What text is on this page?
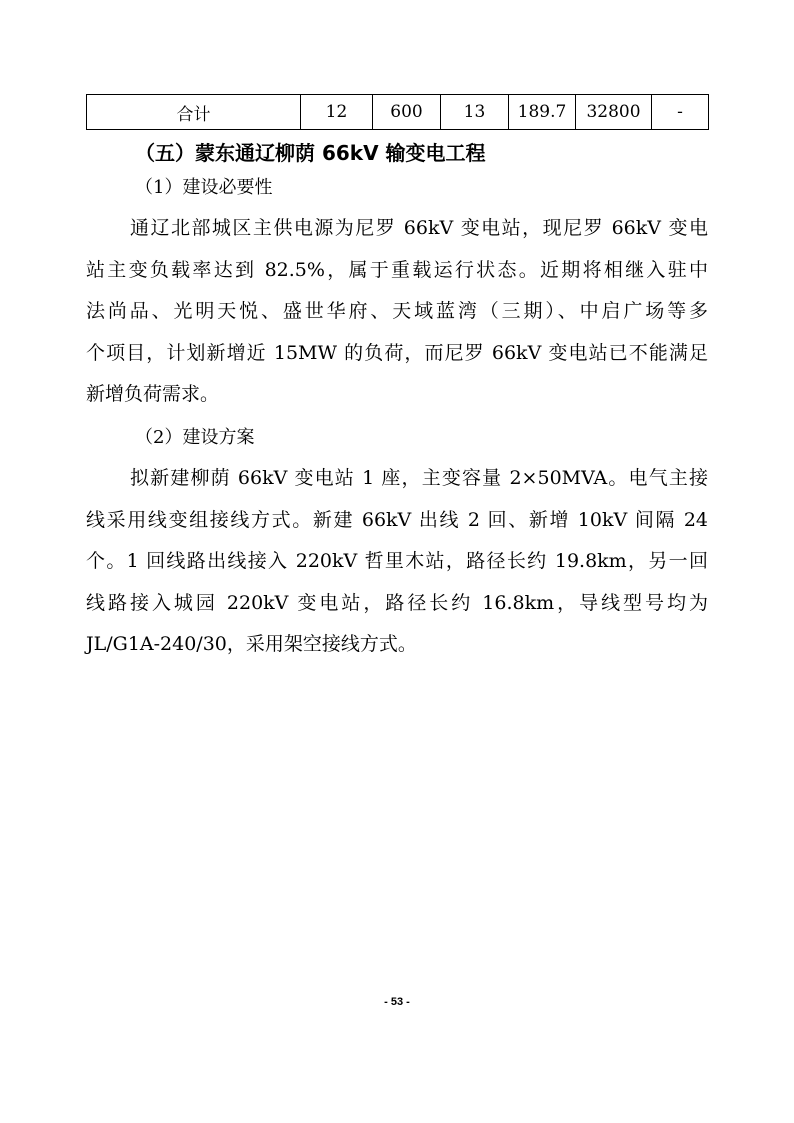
合计	12	600	13	189.7	32800	-
（五）蒙东通辽柳荫 66kV 输变电工程
（1）建设必要性
通辽北部城区主供电源为尼罗 66kV 变电站，现尼罗 66kV 变电
站主变负载率达到 82.5%，属于重载运行状态。近期将相继入驻中
法尚品、光明天悦、盛世华府、天域蓝湾（三期）、中启广场等多
个项目，计划新增近 15MW 的负荷，而尼罗 66kV 变电站已不能满足
新增负荷需求。
（2）建设方案
拟新建柳荫 66kV 变电站 1 座，主变容量 2×50MVA。电气主接
线采用线变组接线方式。新建 66kV 出线 2 回、新增 10kV 间隔 24
个。1 回线路出线接入 220kV 哲里木站，路径长约 19.8km，另一回
线路接入城园 220kV 变电站，路径长约 16.8km，导线型号均为
JL/G1A-240/30，采用架空接线方式。
- 53 -
